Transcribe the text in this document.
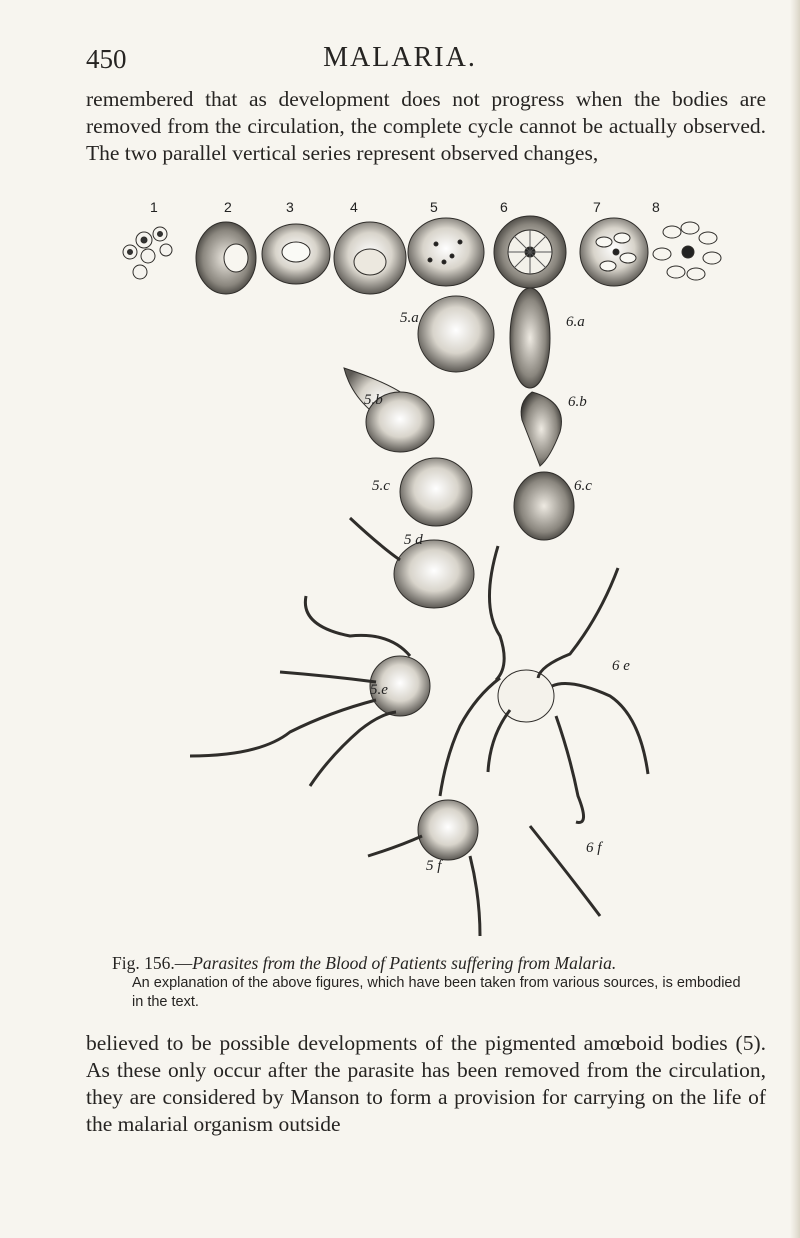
450	MALARIA.

remembered that as development does not progress when the bodies are removed from the circulation, the complete cycle cannot be actually observed. The two parallel vertical series represent observed changes,

1	2	3	4	5	6	7	8
5.a	6.a
5.b	6.b
5.c	6.c
5 d
6 e
5.e
5 f
6 f
Fig. 156.—Parasites from the Blood of Patients suffering from Malaria.
An explanation of the above figures, which have been taken from various sources, is embodied in the text.

believed to be possible developments of the pigmented amœboid bodies (5). As these only occur after the parasite has been removed from the circulation, they are considered by Manson to form a provision for carrying on the life of the malarial organism outside
